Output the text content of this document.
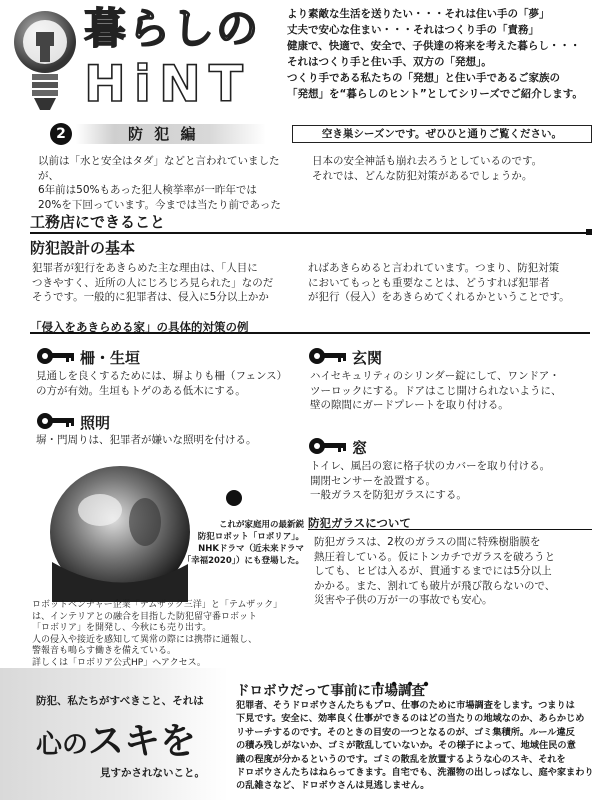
暮らしの
HiNT
より素敵な生活を送りたい・・・それは住い手の「夢」
丈夫で安心な住まい・・・それはつくり手の「責務」
健康で、快適で、安全で、子供達の将来を考えた暮らし・・・
それはつくり手と住い手、双方の「発想」。
つくり手である私たちの「発想」と住い手であるご家族の
「発想」を“暮らしのヒント”としてシリーズでご紹介します。
2	防 犯 編	空き巣シーズンです。ぜひひと通りご覧ください。
以前は「水と安全はタダ」などと言われていましたが、
6年前は50%もあった犯人検挙率が一昨年では
20%を下回っています。今までは当たり前であった
日本の安全神話も崩れ去ろうとしているのです。
それでは、どんな防犯対策があるでしょうか。
工務店にできること
防犯設計の基本
犯罪者が犯行をあきらめた主な理由は、「人目に
つきやすく、近所の人にじろじろ見られた」なのだ
そうです。一般的に犯罪者は、侵入に5分以上かか
ればあきらめると言われています。つまり、防犯対策
においてもっとも重要なことは、どうすれば犯罪者
が犯行（侵入）をあきらめてくれるかということです。
「侵入をあきらめる家」の具体的対策の例
柵・生垣
見通しを良くするためには、塀よりも柵（フェンス）
の方が有効。生垣もトゲのある低木にする。
照明
塀・門周りは、犯罪者が嫌いな照明を付ける。
玄関
ハイセキュリティのシリンダー錠にして、ワンドア・
ツーロックにする。ドアはこじ開けられないように、
壁の隙間にガードプレートを取り付ける。
窓
トイレ、風呂の窓に格子状のカバーを取り付ける。
開閉センサーを設置する。
一般ガラスを防犯ガラスにする。
これが家庭用の最新鋭
防犯ロボット「ロボリア」。
NHKドラマ（近未来ドラマ
「幸福2020」）にも登場した。
ロボットベンチャー企業「テムザック三洋」と「テムザック」
は、インテリアとの融合を目指した防犯留守番ロボット
「ロボリア」を開発し、今秋にも売り出す。
人の侵入や接近を感知して異常の際には携帯に通報し、
警報音も鳴らす働きを備えている。
詳しくは「ロボリア公式HP」へアクセス。
防犯ガラスについて
防犯ガラスは、2枚のガラスの間に特殊樹脂膜を
熱圧着している。仮にトンカチでガラスを破ろうと
しても、ヒビは入るが、貫通するまでには5分以上
かかる。また、割れても破片が飛び散らないので、
災害や子供の万が一の事故でも安心。
防犯、私たちがすべきこと、それは
心のスキを
見すかされないこと。
ドロボウだって事前に市場調査
犯罪者、そうドロボウさんたちもプロ、仕事のために市場調査をします。つまりは
下見です。安全に、効率良く仕事ができるのはどの当たりの地域なのか、あらかじめ
リサーチするのです。そのときの目安の一つとなるのが、ゴミ集積所。ルール違反
の積み残しがないか、ゴミが散乱していないか。その様子によって、地域住民の意
識の程度が分かるというのです。ゴミの散乱を放置するような心のスキ、それを
ドロボウさんたちはねらってきます。自宅でも、洗濯物の出しっぱなし、庭や家まわり
の乱雑さなど、ドロボウさんは見逃しません。
